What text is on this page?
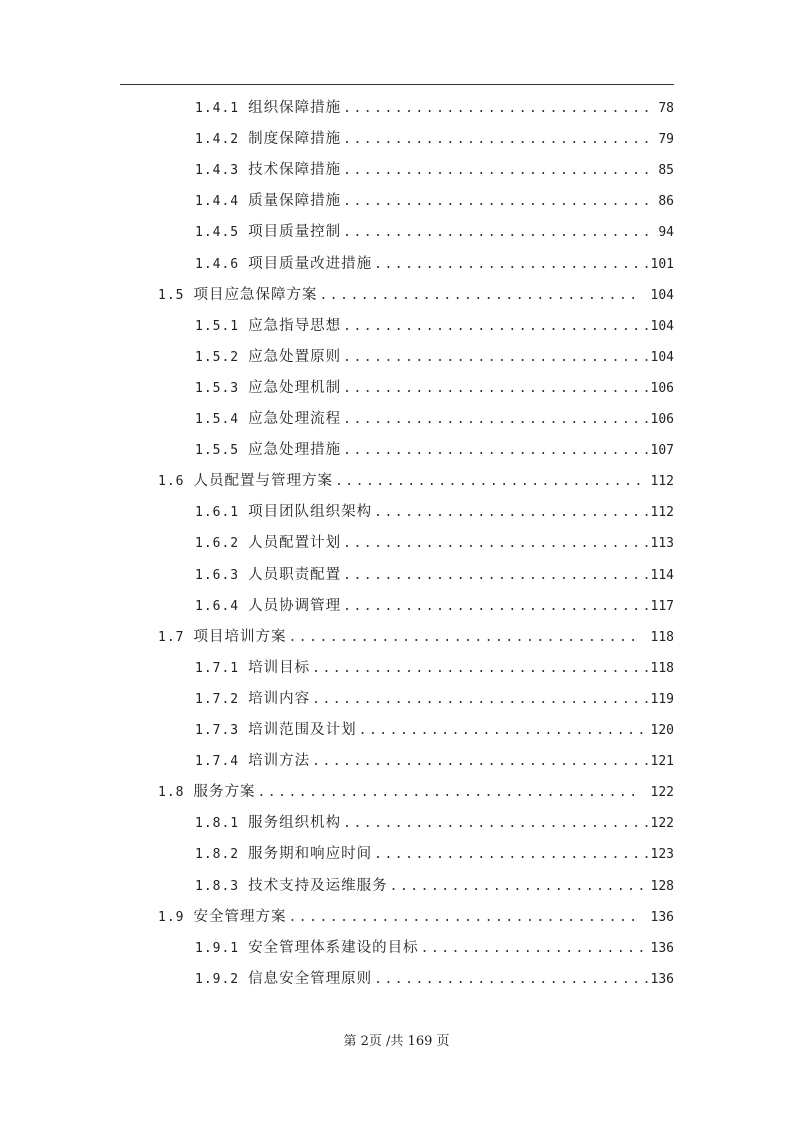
1.4.1 组织保障措施 .....	78
1.4.2 制度保障措施 .....	79
1.4.3 技术保障措施 .....	85
1.4.4 质量保障措施 .....	86
1.4.5 项目质量控制 .....	94
1.4.6 项目质量改进措施 .....	101
1.5 项目应急保障方案 .....	104
1.5.1 应急指导思想 .....	104
1.5.2 应急处置原则 .....	104
1.5.3 应急处理机制 .....	106
1.5.4 应急处理流程 .....	106
1.5.5 应急处理措施 .....	107
1.6 人员配置与管理方案 .....	112
1.6.1 项目团队组织架构 .....	112
1.6.2 人员配置计划 .....	113
1.6.3 人员职责配置 .....	114
1.6.4 人员协调管理 .....	117
1.7 项目培训方案 .....	118
1.7.1 培训目标 .....	118
1.7.2 培训内容 .....	119
1.7.3 培训范围及计划 .....	120
1.7.4 培训方法 .....	121
1.8 服务方案 .....	122
1.8.1 服务组织机构 .....	122
1.8.2 服务期和响应时间 .....	123
1.8.3 技术支持及运维服务 .....	128
1.9 安全管理方案 .....	136
1.9.1 安全管理体系建设的目标 .....	136
1.9.2 信息安全管理原则 .....	136
第 2页 /共 169 页
